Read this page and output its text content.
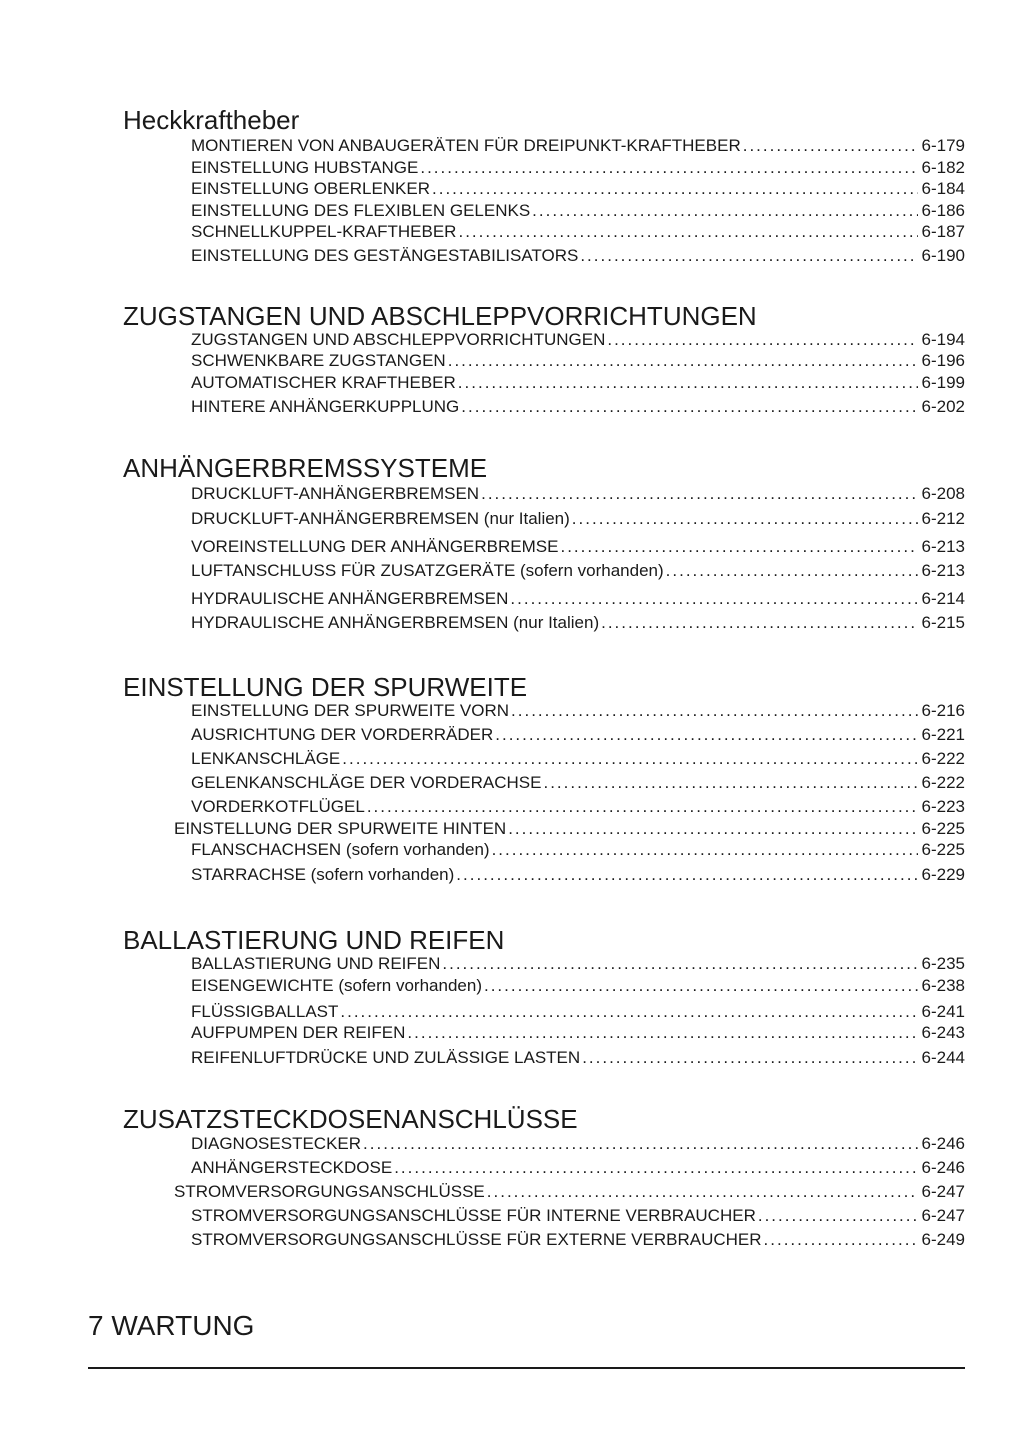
Heckkraftheber
MONTIEREN VON ANBAUGERÄTEN FÜR DREIPUNKT-KRAFTHEBER .....	6-179
EINSTELLUNG HUBSTANGE .....	6-182
EINSTELLUNG OBERLENKER .....	6-184
EINSTELLUNG DES FLEXIBLEN GELENKS .....	6-186
SCHNELLKUPPEL-KRAFTHEBER .....	6-187
EINSTELLUNG DES GESTÄNGESTABILISATORS .....	6-190
ZUGSTANGEN UND ABSCHLEPPVORRICHTUNGEN
ZUGSTANGEN UND ABSCHLEPPVORRICHTUNGEN .....	6-194
SCHWENKBARE ZUGSTANGEN .....	6-196
AUTOMATISCHER KRAFTHEBER .....	6-199
HINTERE ANHÄNGERKUPPLUNG .....	6-202
ANHÄNGERBREMSSYSTEME
DRUCKLUFT-ANHÄNGERBREMSEN .....	6-208
DRUCKLUFT-ANHÄNGERBREMSEN (nur Italien) .....	6-212
VOREINSTELLUNG DER ANHÄNGERBREMSE .....	6-213
LUFTANSCHLUSS FÜR ZUSATZGERÄTE (sofern vorhanden) .....	6-213
HYDRAULISCHE ANHÄNGERBREMSEN .....	6-214
HYDRAULISCHE ANHÄNGERBREMSEN (nur Italien) .....	6-215
EINSTELLUNG DER SPURWEITE
EINSTELLUNG DER SPURWEITE VORN .....	6-216
AUSRICHTUNG DER VORDERRÄDER .....	6-221
LENKANSCHLÄGE .....	6-222
GELENKANSCHLÄGE DER VORDERACHSE .....	6-222
VORDERKOTFLÜGEL .....	6-223
EINSTELLUNG DER SPURWEITE HINTEN .....	6-225
FLANSCHACHSEN (sofern vorhanden) .....	6-225
STARRACHSE (sofern vorhanden) .....	6-229
BALLASTIERUNG UND REIFEN
BALLASTIERUNG UND REIFEN .....	6-235
EISENGEWICHTE (sofern vorhanden) .....	6-238
FLÜSSIGBALLAST .....	6-241
AUFPUMPEN DER REIFEN .....	6-243
REIFENLUFTDRÜCKE UND ZULÄSSIGE LASTEN .....	6-244
ZUSATZSTECKDOSENANSCHLÜSSE
DIAGNOSESTECKER .....	6-246
ANHÄNGERSTECKDOSE .....	6-246
STROMVERSORGUNGSANSCHLÜSSE .....	6-247
STROMVERSORGUNGSANSCHLÜSSE FÜR INTERNE VERBRAUCHER .....	6-247
STROMVERSORGUNGSANSCHLÜSSE FÜR EXTERNE VERBRAUCHER .....	6-249
7 WARTUNG
